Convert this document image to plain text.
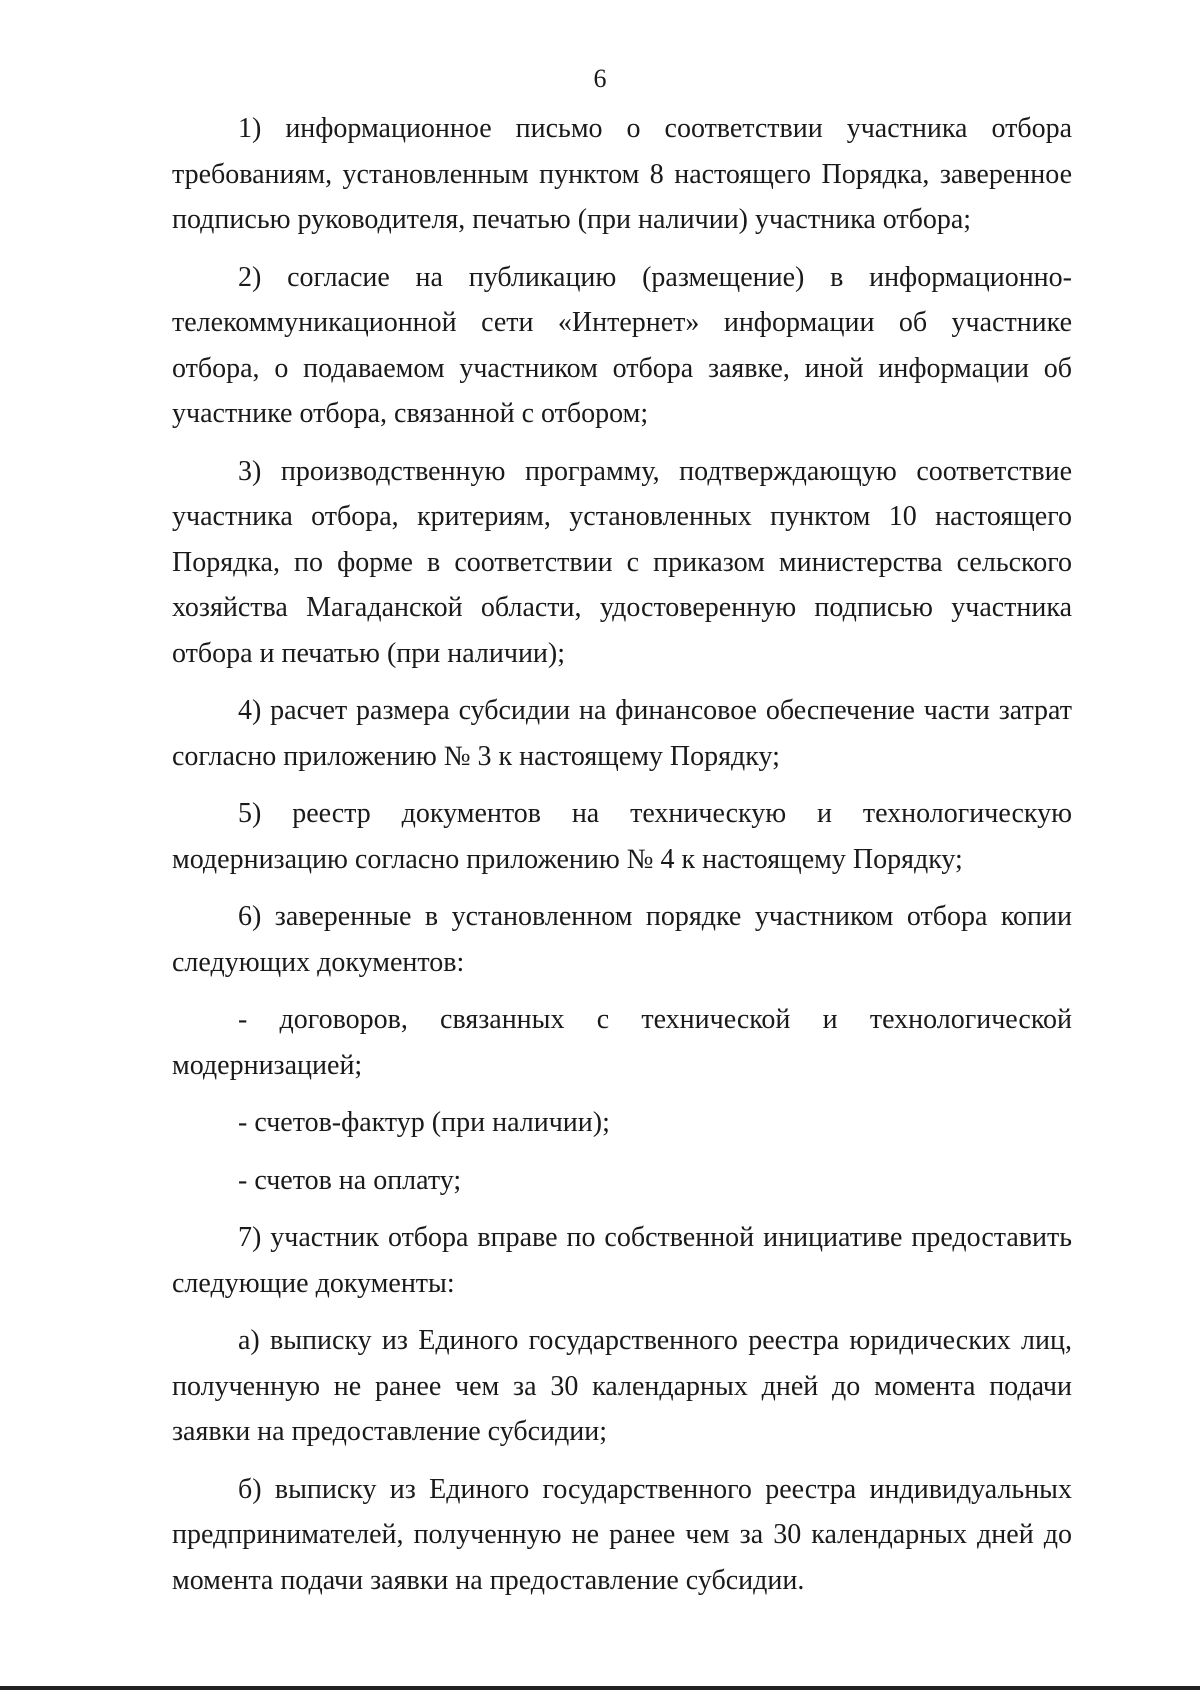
6

1) информационное письмо о соответствии участника отбора требованиям, установленным пунктом 8 настоящего Порядка, заверенное подписью руководителя, печатью (при наличии) участника отбора;

2) согласие на публикацию (размещение) в информационно-телекоммуникационной сети «Интернет» информации об участнике отбора, о подаваемом участником отбора заявке, иной информации об участнике отбора, связанной с отбором;

3) производственную программу, подтверждающую соответствие участника отбора, критериям, установленных пунктом 10 настоящего Порядка, по форме в соответствии с приказом министерства сельского хозяйства Магаданской области, удостоверенную подписью участника отбора и печатью (при наличии);

4) расчет размера субсидии на финансовое обеспечение части затрат согласно приложению № 3 к настоящему Порядку;

5) реестр документов на техническую и технологическую модернизацию согласно приложению № 4 к настоящему Порядку;

6) заверенные в установленном порядке участником отбора копии следующих документов:

- договоров, связанных с технической и технологической модернизацией;

- счетов-фактур (при наличии);

- счетов на оплату;

7) участник отбора вправе по собственной инициативе предоставить следующие документы:

а) выписку из Единого государственного реестра юридических лиц, полученную не ранее чем за 30 календарных дней до момента подачи заявки на предоставление субсидии;

б) выписку из Единого государственного реестра индивидуальных предпринимателей, полученную не ранее чем за 30 календарных дней до момента подачи заявки на предоставление субсидии.
